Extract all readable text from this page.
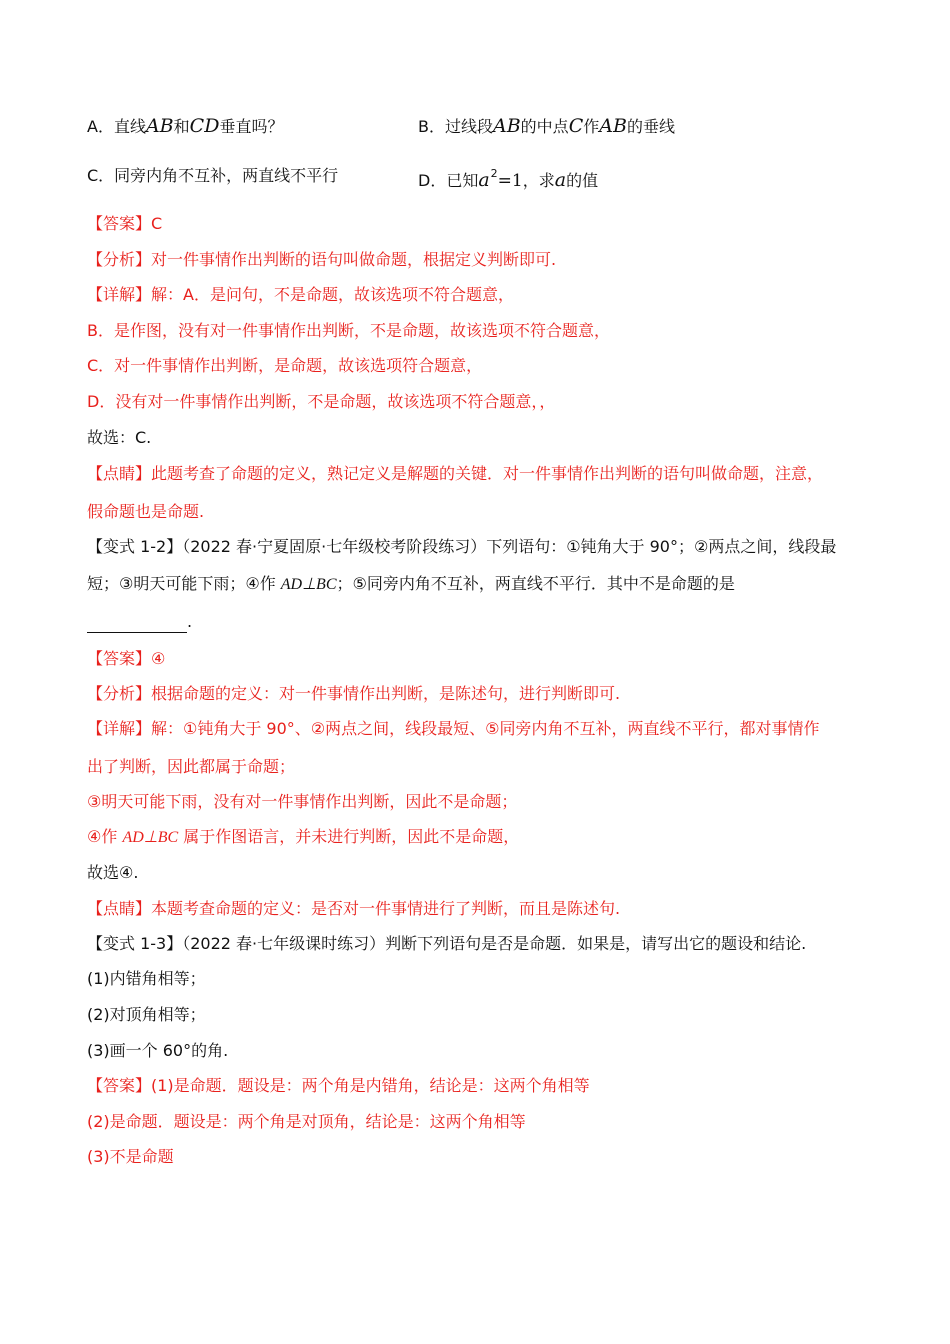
A．直线AB和CD垂直吗？	B．过线段AB的中点C作AB的垂线
C．同旁内角不互补，两直线不平行	D．已知$a^2=1$，求a的值
【答案】C
【分析】对一件事情作出判断的语句叫做命题，根据定义判断即可.
【详解】解：A．是问句，不是命题，故该选项不符合题意，
B．是作图，没有对一件事情作出判断，不是命题，故该选项不符合题意，
C．对一件事情作出判断，是命题，故该选项符合题意，
D．没有对一件事情作出判断，不是命题，故该选项不符合题意，，
故选：C.
【点睛】此题考查了命题的定义，熟记定义是解题的关键．对一件事情作出判断的语句叫做命题，注意，
假命题也是命题.
【变式 1-2】（2022 春·宁夏固原·七年级校考阶段练习）下列语句：①钝角大于 90°；②两点之间，线段最
短；③明天可能下雨；④作 AD⊥BC；⑤同旁内角不互补，两直线不平行．其中不是命题的是
.
【答案】④
【分析】根据命题的定义：对一件事情作出判断，是陈述句，进行判断即可.
【详解】解：①钝角大于 90°、②两点之间，线段最短、⑤同旁内角不互补，两直线不平行，都对事情作
出了判断，因此都属于命题；
③明天可能下雨，没有对一件事情作出判断，因此不是命题；
④作 AD⊥BC 属于作图语言，并未进行判断，因此不是命题，
故选④.
【点睛】本题考查命题的定义：是否对一件事情进行了判断，而且是陈述句.
【变式 1-3】（2022 春·七年级课时练习）判断下列语句是否是命题．如果是，请写出它的题设和结论.
(1)内错角相等；
(2)对顶角相等；
(3)画一个 60°的角.
【答案】(1)是命题．题设是：两个角是内错角，结论是：这两个角相等
(2)是命题．题设是：两个角是对顶角，结论是：这两个角相等
(3)不是命题
